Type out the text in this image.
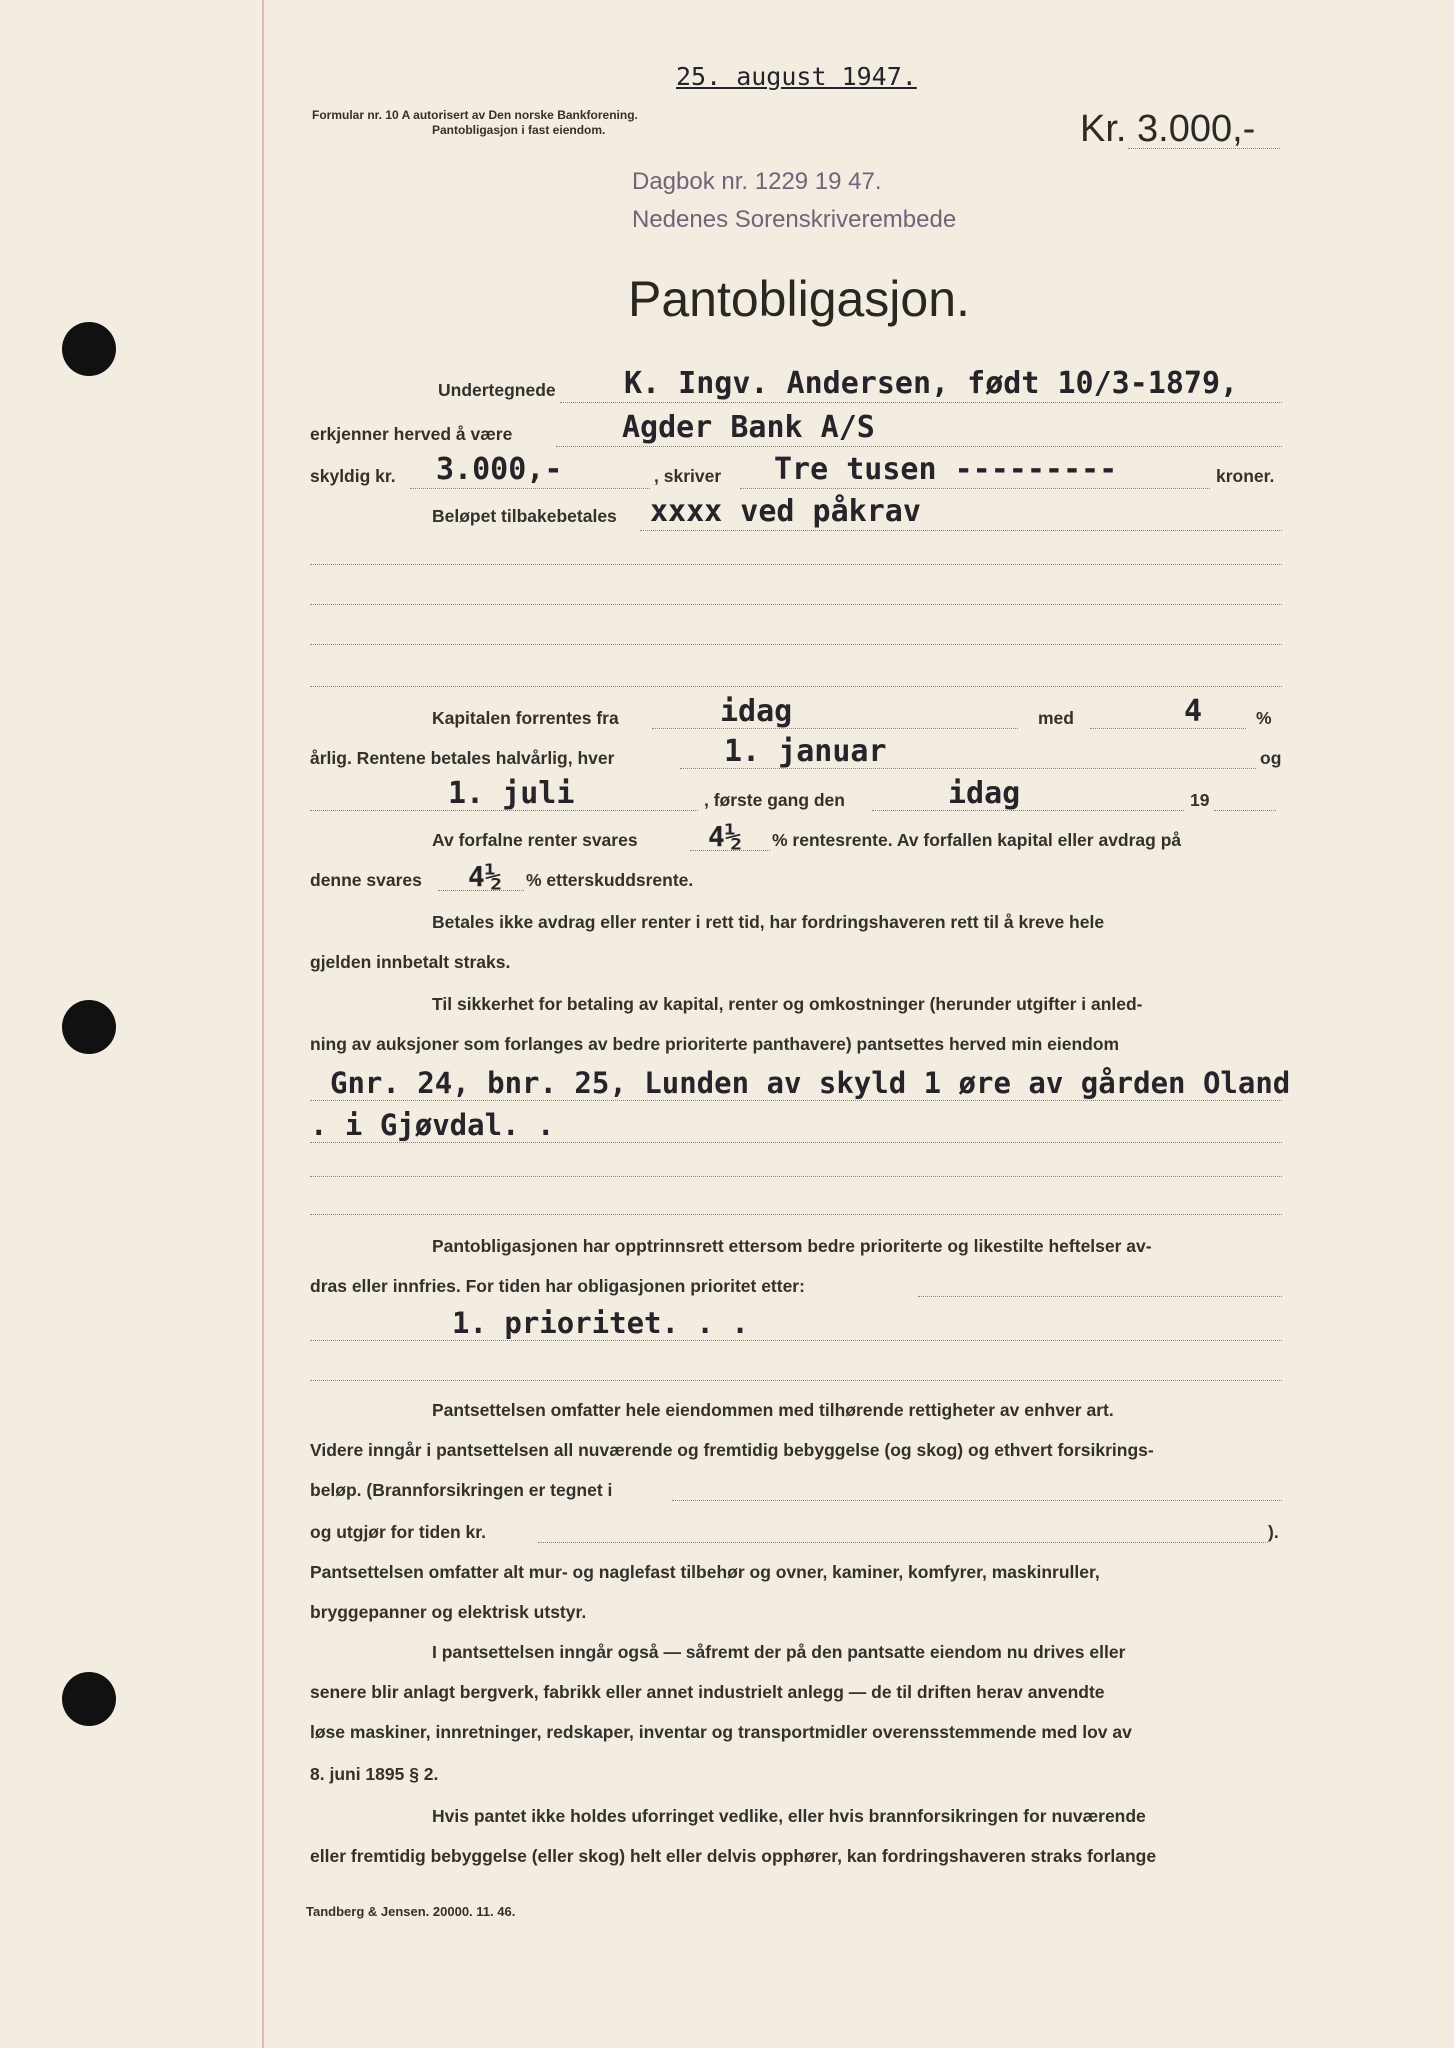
25. august 1947.
Formular nr. 10 A autorisert av Den norske Bankforening.
Pantobligasjon i fast eiendom.	Kr. 3.000,-
Dagbok nr. 1229 19 47.
Nedenes Sorenskriverembede
Pantobligasjon.
Undertegnede K. Ingv. Andersen, født 10/3-1879,
erkjenner herved å være	Agder Bank A/S
skyldig kr. 3.000,-	, skriver Tre tusen ---------	kroner.
Beløpet tilbakebetales xxxx ved påkrav
Kapitalen forrentes fra	idag	med	4	%
årlig. Rentene betales halvårlig, hver	1. januar	og
1. juli	, første gang den	idag	19
Av forfalne renter svares	4½ % rentesrente. Av forfallen kapital eller avdrag på
denne svares 4½ % etterskuddsrente.
Betales ikke avdrag eller renter i rett tid, har fordringshaveren rett til å kreve hele
gjelden innbetalt straks.
Til sikkerhet for betaling av kapital, renter og omkostninger (herunder utgifter i anled-
ning av auksjoner som forlanges av bedre prioriterte panthavere) pantsettes herved min eiendom
Gnr. 24, bnr. 25, Lunden av skyld 1 øre av gården Oland
. i Gjøvdal. .
Pantobligasjonen har opptrinnsrett ettersom bedre prioriterte og likestilte heftelser av-
dras eller innfries. For tiden har obligasjonen prioritet etter:
1. prioritet. . .
Pantsettelsen omfatter hele eiendommen med tilhørende rettigheter av enhver art.
Videre inngår i pantsettelsen all nuværende og fremtidig bebyggelse (og skog) og ethvert forsikrings-
beløp. (Brannforsikringen er tegnet i
og utgjør for tiden kr.	).
Pantsettelsen omfatter alt mur- og naglefast tilbehør og ovner, kaminer, komfyrer, maskinruller,
bryggepanner og elektrisk utstyr.
I pantsettelsen inngår også — såfremt der på den pantsatte eiendom nu drives eller
senere blir anlagt bergverk, fabrikk eller annet industrielt anlegg — de til driften herav anvendte
løse maskiner, innretninger, redskaper, inventar og transportmidler overensstemmende med lov av
8. juni 1895 § 2.
Hvis pantet ikke holdes uforringet vedlike, eller hvis brannforsikringen for nuværende
eller fremtidig bebyggelse (eller skog) helt eller delvis opphører, kan fordringshaveren straks forlange
Tandberg & Jensen. 20000. 11. 46.
